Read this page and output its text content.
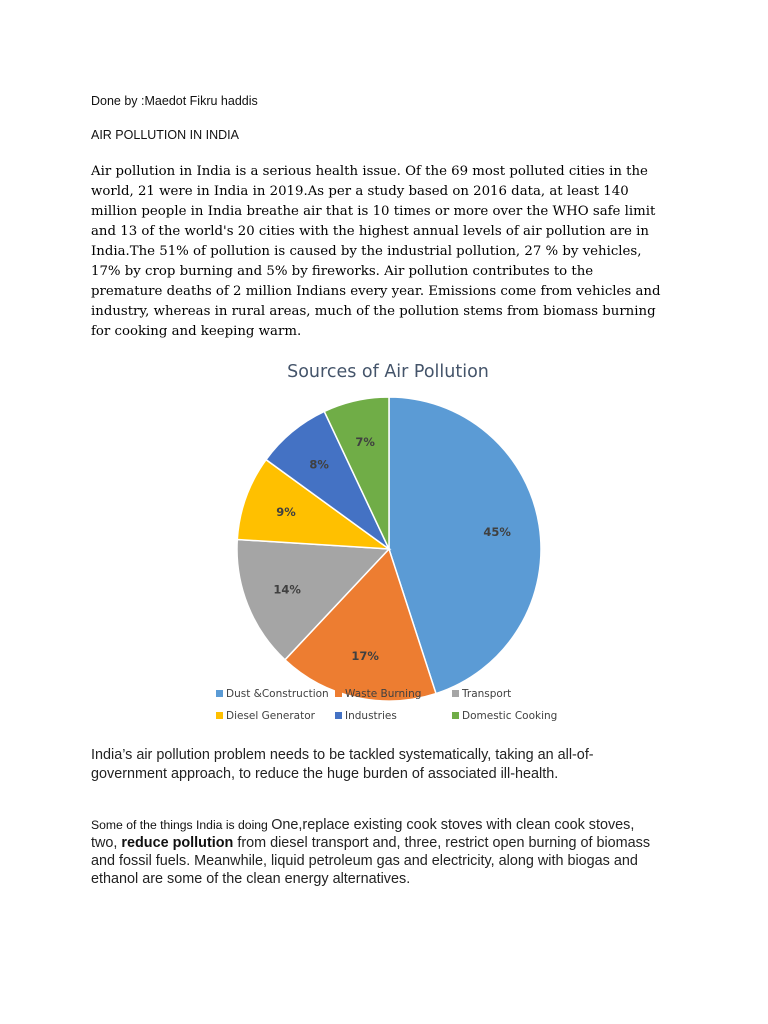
Done by :Maedot Fikru haddis
AIR POLLUTION IN INDIA
Air pollution in India is a serious health issue. Of the 69 most polluted cities in the
world, 21 were in India in 2019.As per a study based on 2016 data, at least 140
million people in India breathe air that is 10 times or more over the WHO safe limit
and 13 of the world's 20 cities with the highest annual levels of air pollution are in
India.The 51% of pollution is caused by the industrial pollution, 27 % by vehicles,
17% by crop burning and 5% by fireworks. Air pollution contributes to the
premature deaths of 2 million Indians every year. Emissions come from vehicles and
industry, whereas in rural areas, much of the pollution stems from biomass burning
for cooking and keeping warm.
Sources of Air Pollution
45%
17%
14%
9%
8%
7%
Dust &Construction Waste Burning	Transport
Diesel Generator	Industries	Domestic Cooking
India’s air pollution problem needs to be tackled systematically, taking an all-of-
government approach, to reduce the huge burden of associated ill-health.
Some of the things India is doing One,replace existing cook stoves with clean cook stoves,
two, reduce pollution from diesel transport and, three, restrict open burning of biomass
and fossil fuels. Meanwhile, liquid petroleum gas and electricity, along with biogas and
ethanol are some of the clean energy alternatives.
